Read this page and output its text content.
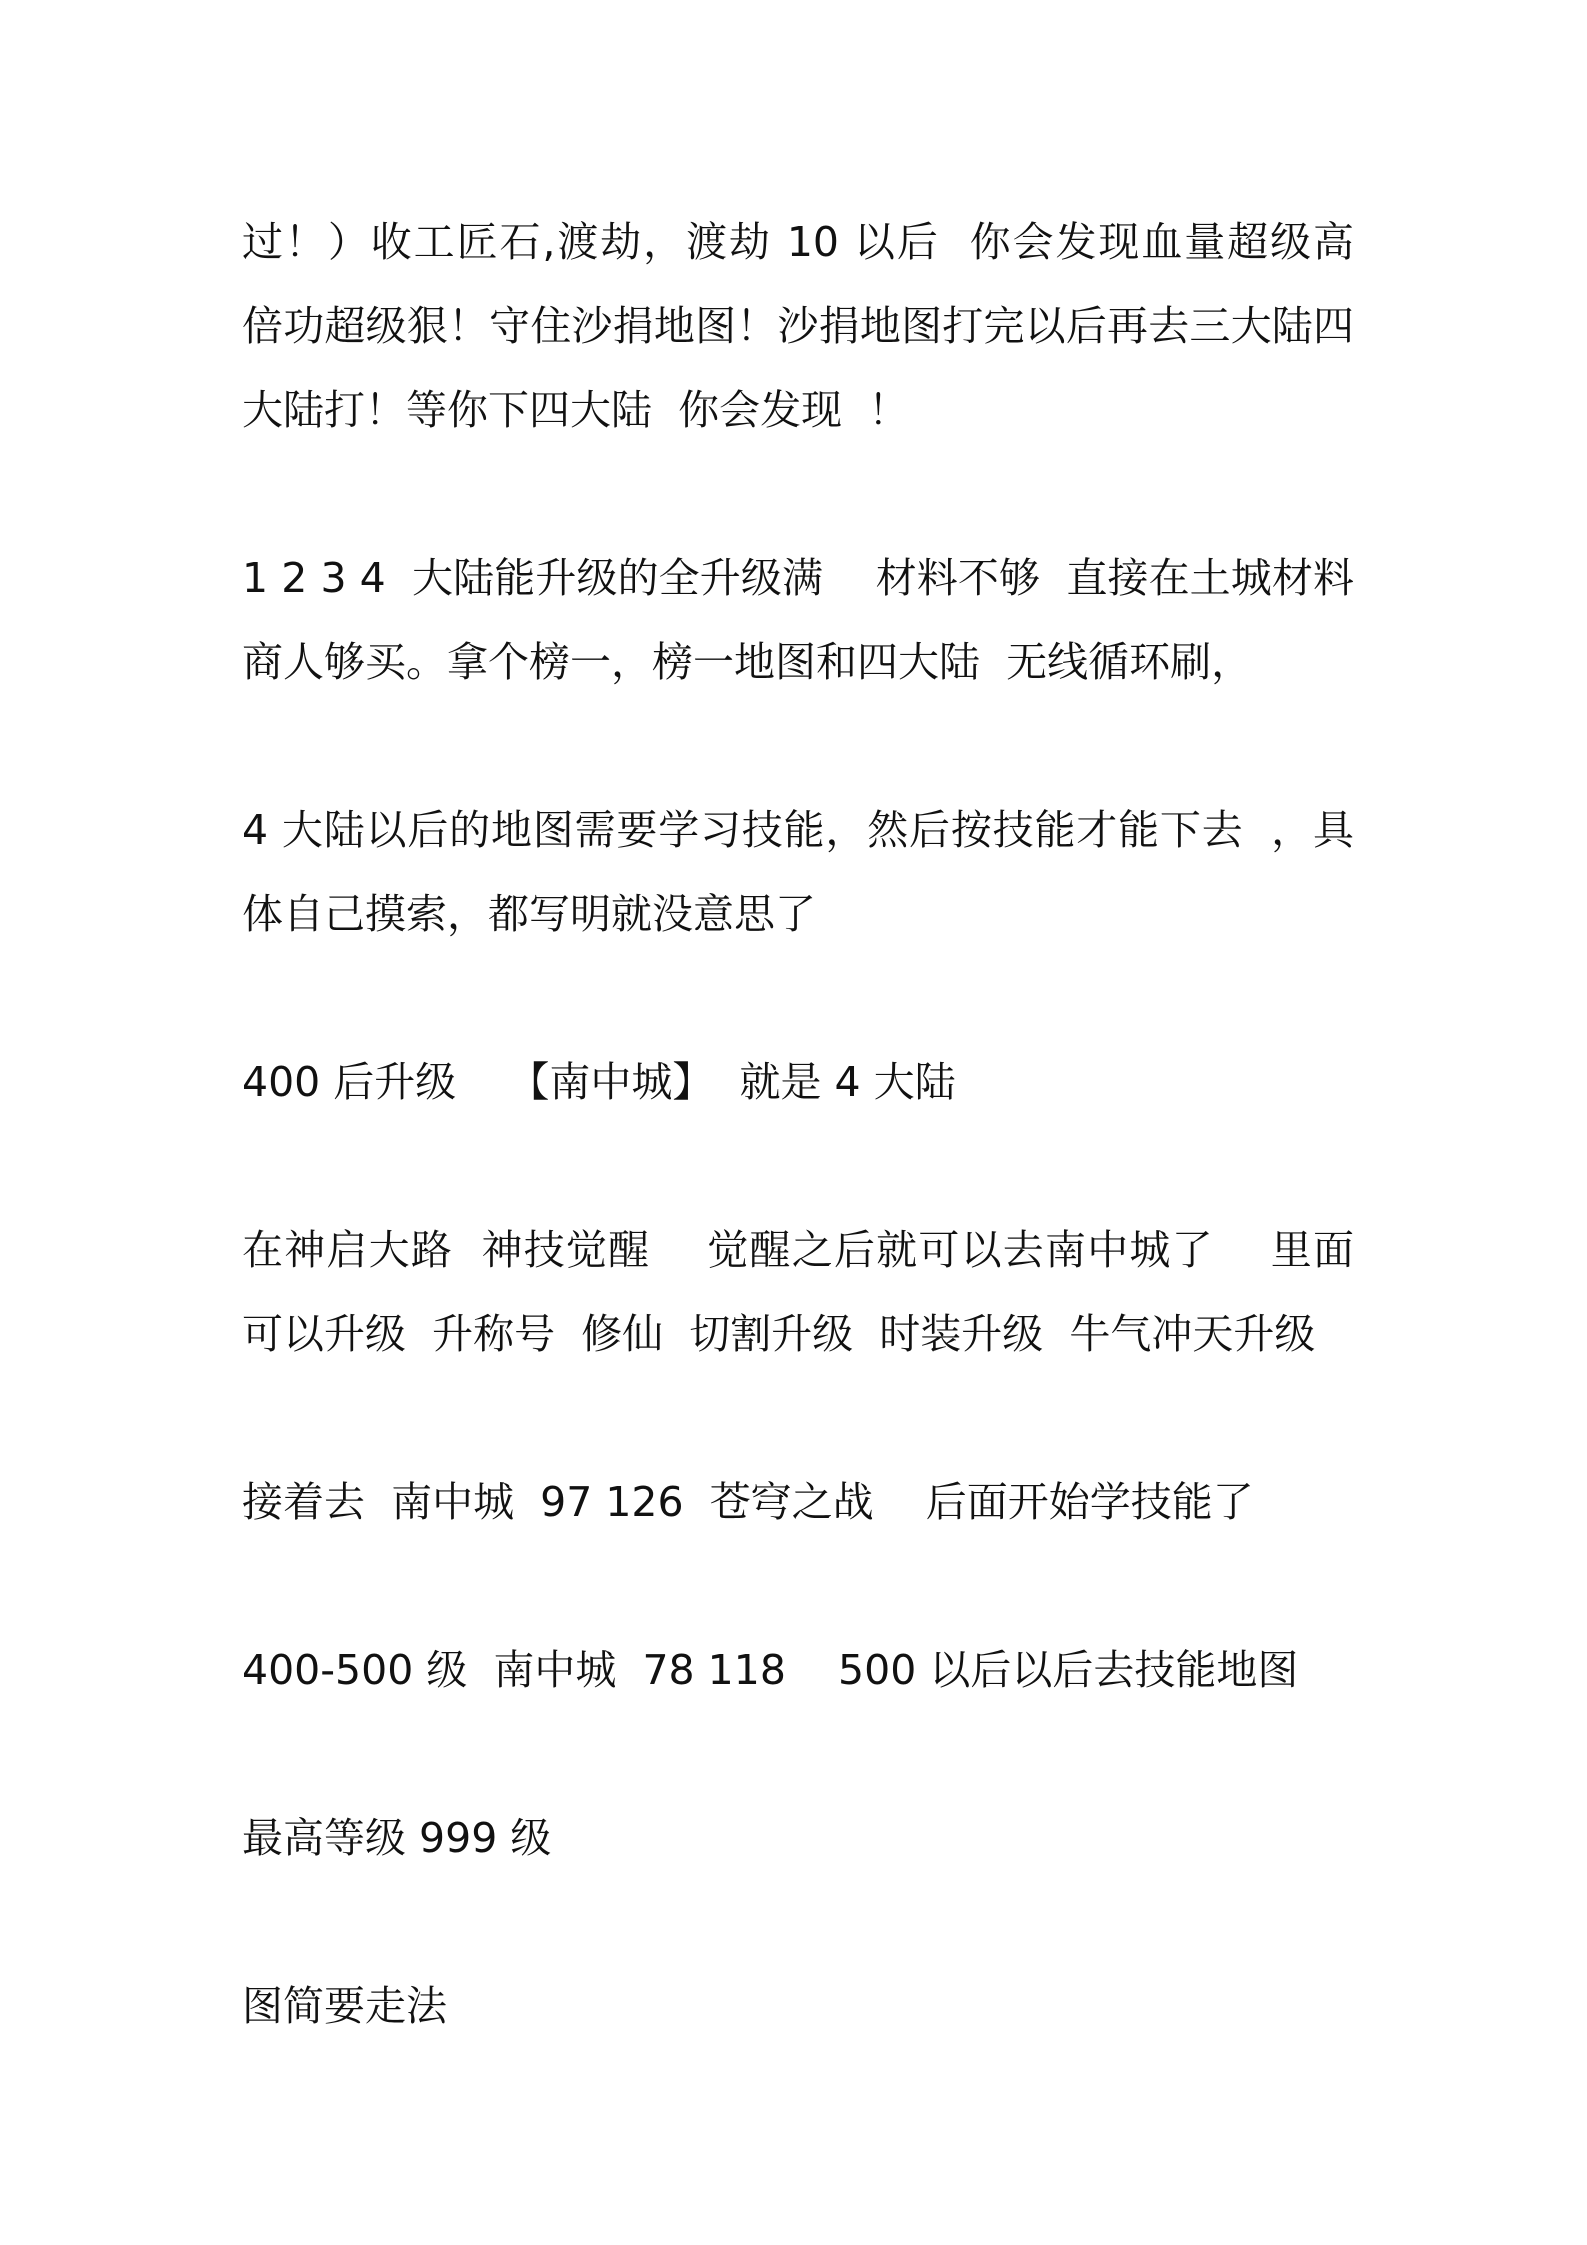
过！）收工匠石,渡劫，渡劫 10 以后  你会发现血量超级高  倍功超级狠！守住沙捐地图！沙捐地图打完以后再去三大陆四大陆打！等你下四大陆  你会发现  ！

1 2 3 4  大陆能升级的全升级满    材料不够  直接在土城材料商人够买。拿个榜一，榜一地图和四大陆  无线循环刷，

4 大陆以后的地图需要学习技能，然后按技能才能下去  ，具体自己摸索，都写明就没意思了

400 后升级    【南中城】  就是 4 大陆

在神启大路  神技觉醒    觉醒之后就可以去南中城了    里面可以升级  升称号  修仙  切割升级  时装升级  牛气冲天升级

接着去  南中城  97 126  苍穹之战    后面开始学技能了

400-500 级  南中城  78 118    500 以后以后去技能地图

最高等级 999 级

图简要走法
